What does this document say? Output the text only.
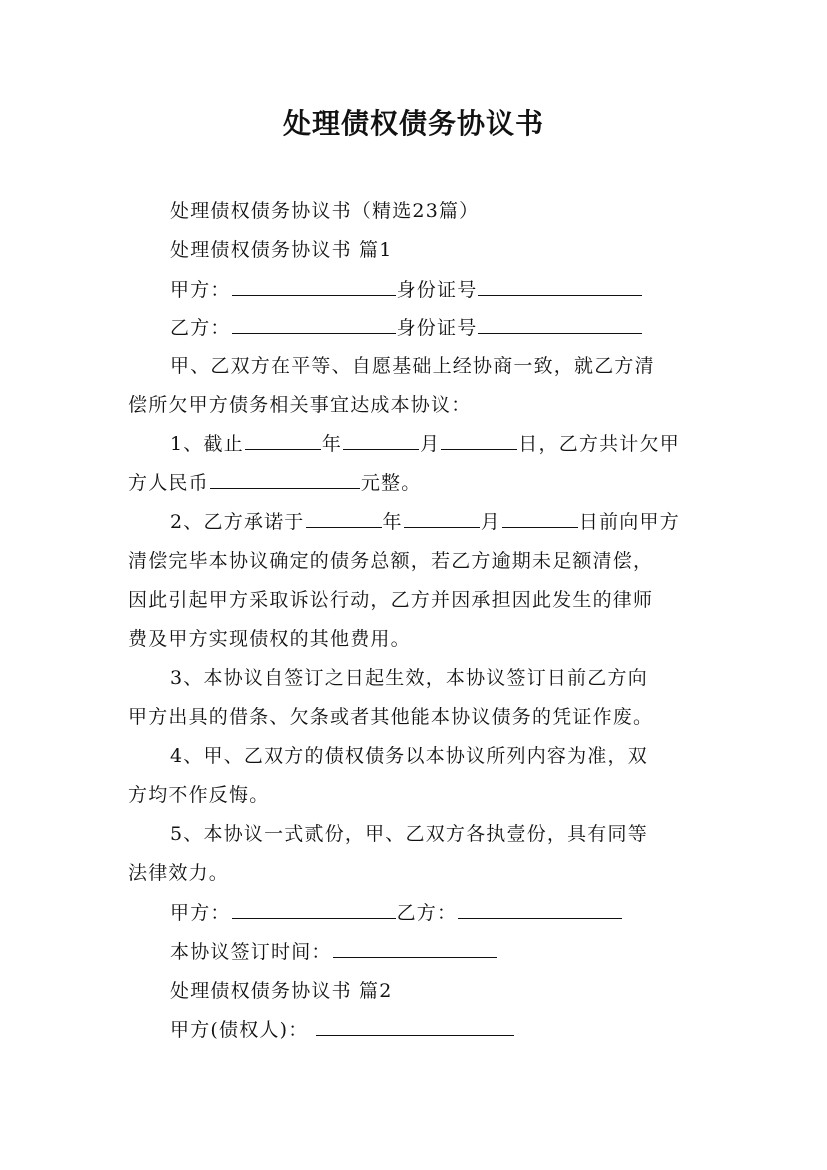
处理债权债务协议书
处理债权债务协议书（精选23篇）
处理债权债务协议书 篇1
甲方：	身份证号
乙方：	身份证号
甲、乙双方在平等、自愿基础上经协商一致，就乙方清
偿所欠甲方债务相关事宜达成本协议：
1、截止	年	月	日，乙方共计欠甲
方人民币	元整。
2、乙方承诺于	年	月	日前向甲方
清偿完毕本协议确定的债务总额，若乙方逾期未足额清偿，
因此引起甲方采取诉讼行动，乙方并因承担因此发生的律师
费及甲方实现债权的其他费用。
3、本协议自签订之日起生效，本协议签订日前乙方向
甲方出具的借条、欠条或者其他能本协议债务的凭证作废。
4、甲、乙双方的债权债务以本协议所列内容为准，双
方均不作反悔。
5、本协议一式贰份，甲、乙双方各执壹份，具有同等
法律效力。
甲方：	乙方：
本协议签订时间：
处理债权债务协议书 篇2
甲方(债权人)：
